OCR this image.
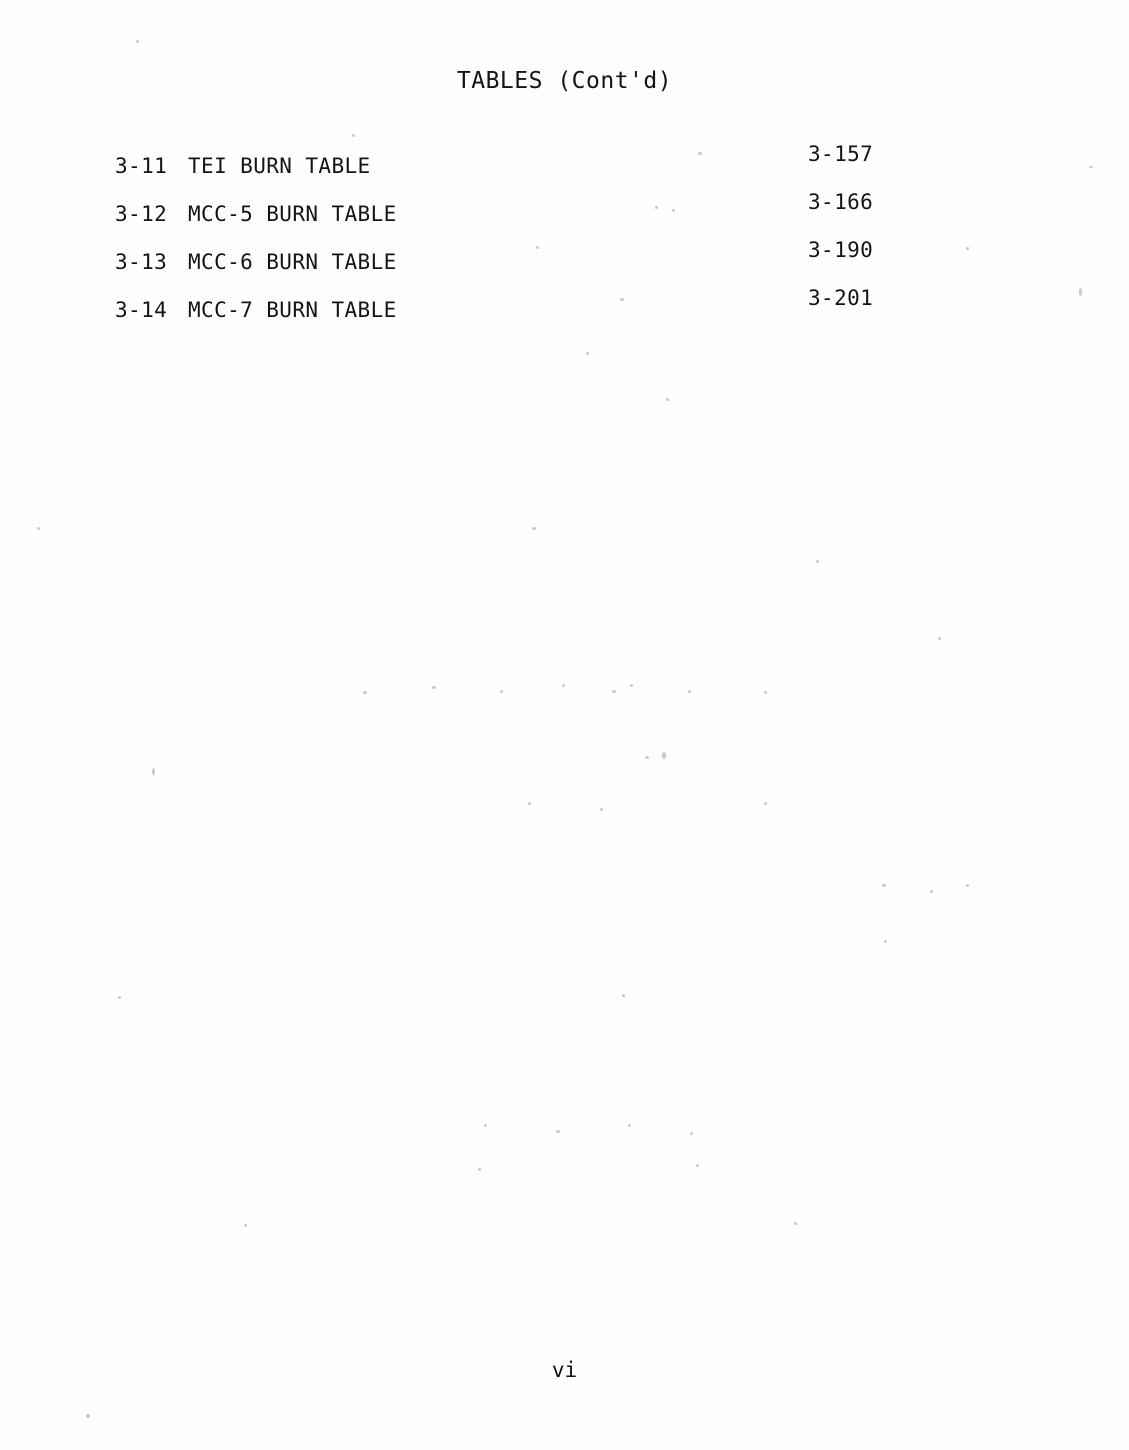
TABLES (Cont'd)
3-11 TEI BURN TABLE	3-157
3-12 MCC-5 BURN TABLE	3-166
3-13 MCC-6 BURN TABLE	3-190
3-14 MCC-7 BURN TABLE	3-201
vi
